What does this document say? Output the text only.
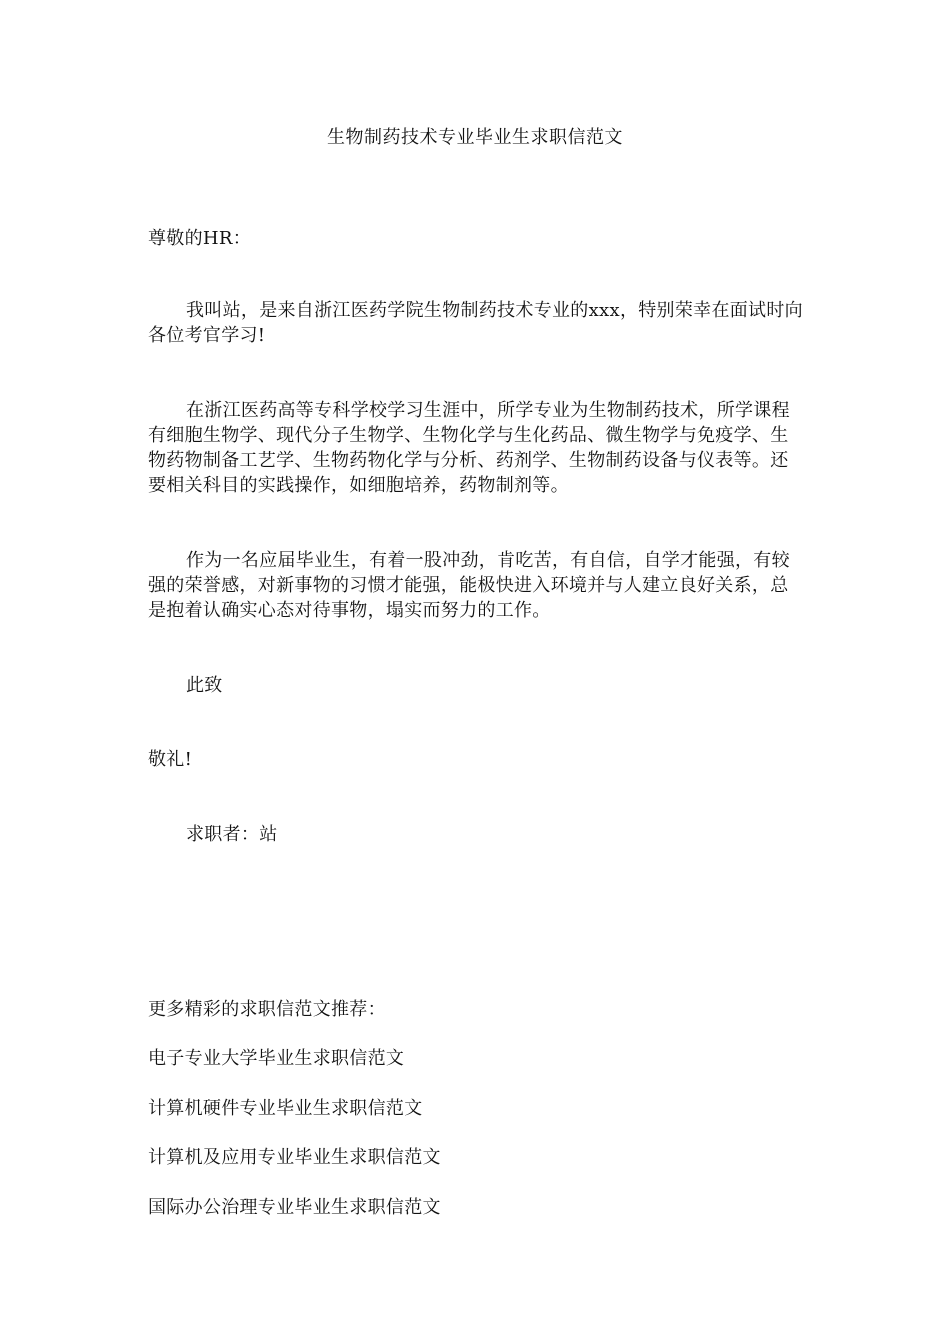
生物制药技术专业毕业生求职信范文
尊敬的HR：
我叫站，是来自浙江医药学院生物制药技术专业的xxx，特别荣幸在面试时向各位考官学习!
在浙江医药高等专科学校学习生涯中，所学专业为生物制药技术，所学课程有细胞生物学、现代分子生物学、生物化学与生化药品、微生物学与免疫学、生物药物制备工艺学、生物药物化学与分析、药剂学、生物制药设备与仪表等。还要相关科目的实践操作，如细胞培养，药物制剂等。
作为一名应届毕业生，有着一股冲劲，肯吃苦，有自信，自学才能强，有较强的荣誉感，对新事物的习惯才能强，能极快进入环境并与人建立良好关系，总是抱着认确实心态对待事物，塌实而努力的工作。
此致
敬礼!
求职者：站
更多精彩的求职信范文推荐：
电子专业大学毕业生求职信范文
计算机硬件专业毕业生求职信范文
计算机及应用专业毕业生求职信范文
国际办公治理专业毕业生求职信范文
